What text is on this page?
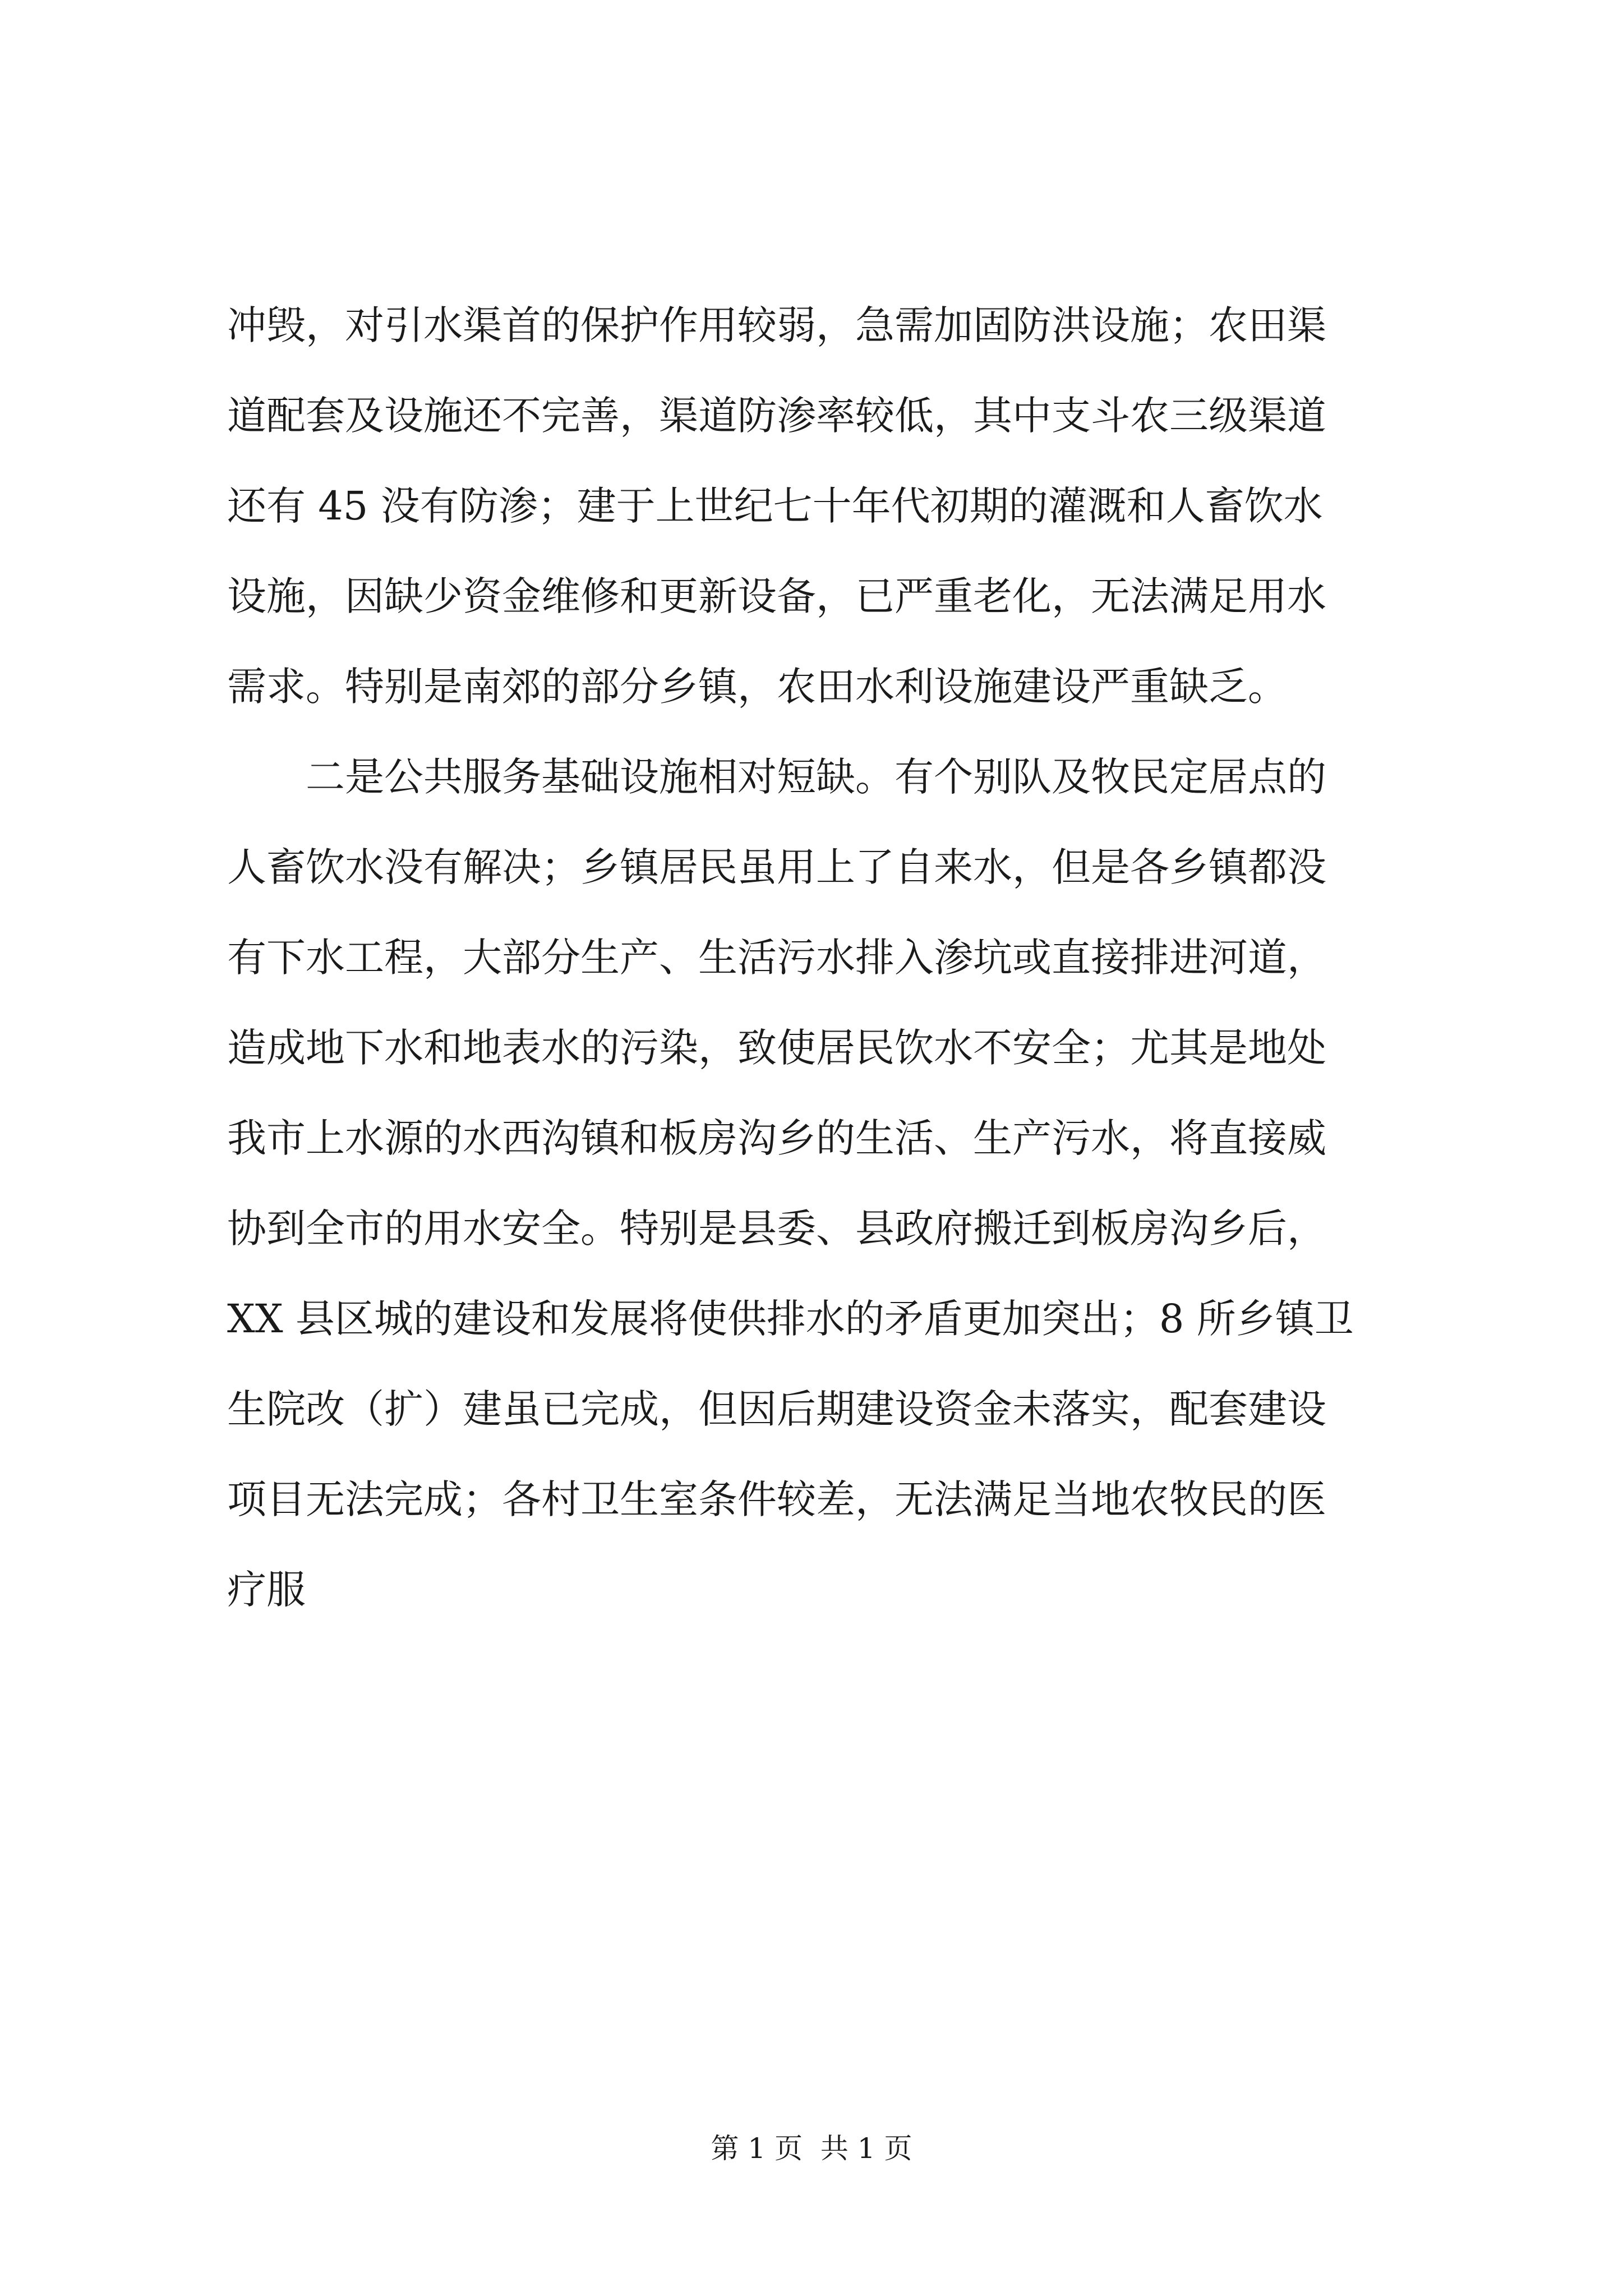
冲毁，对引水渠首的保护作用较弱，急需加固防洪设施；农田渠
道配套及设施还不完善，渠道防渗率较低，其中支斗农三级渠道
还有 45 没有防渗；建于上世纪七十年代初期的灌溉和人畜饮水
设施，因缺少资金维修和更新设备，已严重老化，无法满足用水
需求。特别是南郊的部分乡镇，农田水利设施建设严重缺乏。
　　二是公共服务基础设施相对短缺。有个别队及牧民定居点的
人畜饮水没有解决；乡镇居民虽用上了自来水，但是各乡镇都没
有下水工程，大部分生产、生活污水排入渗坑或直接排进河道，
造成地下水和地表水的污染，致使居民饮水不安全；尤其是地处
我市上水源的水西沟镇和板房沟乡的生活、生产污水，将直接威
协到全市的用水安全。特别是县委、县政府搬迁到板房沟乡后，
XX 县区城的建设和发展将使供排水的矛盾更加突出；8 所乡镇卫
生院改（扩）建虽已完成，但因后期建设资金未落实，配套建设
项目无法完成；各村卫生室条件较差，无法满足当地农牧民的医
疗服
第 1 页  共 1 页
